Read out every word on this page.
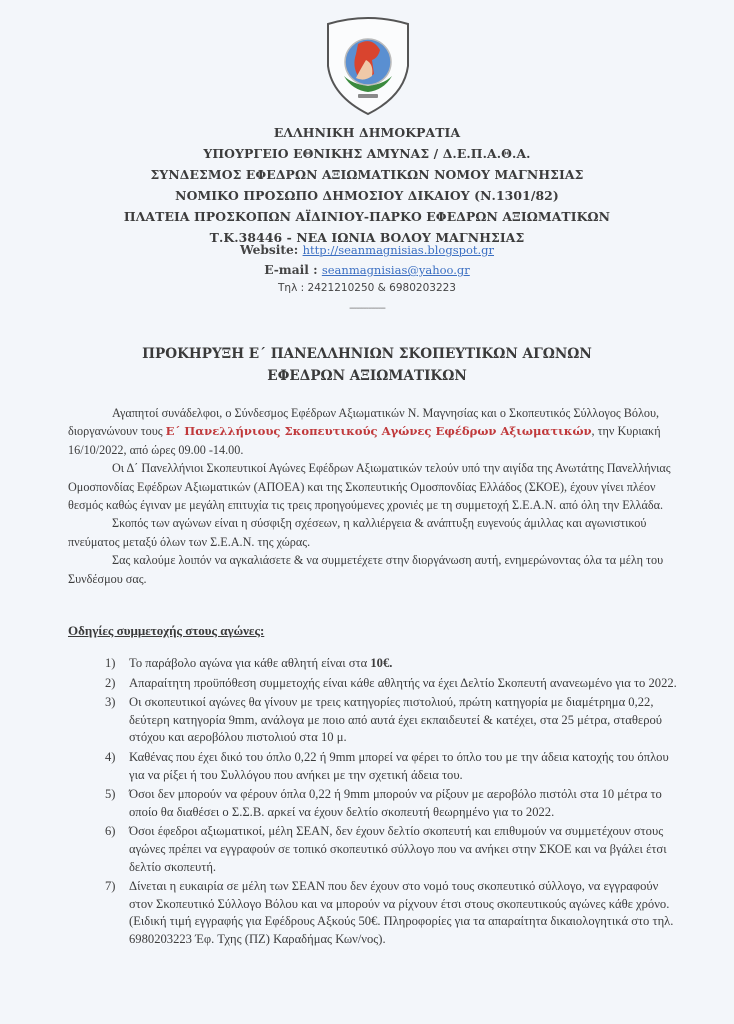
ΕΛΛΗΝΙΚΗ ΔΗΜΟΚΡΑΤΙΑ
ΥΠΟΥΡΓΕΙΟ ΕΘΝΙΚΗΣ ΑΜΥΝΑΣ / Δ.Ε.Π.Α.Θ.Α.
ΣΥΝΔΕΣΜΟΣ ΕΦΕΔΡΩΝ ΑΞΙΩΜΑΤΙΚΩΝ ΝΟΜΟΥ ΜΑΓΝΗΣΙΑΣ
ΝΟΜΙΚΟ ΠΡΟΣΩΠΟ ΔΗΜΟΣΙΟΥ ΔΙΚΑΙΟΥ (Ν.1301/82)
ΠΛΑΤΕΙΑ ΠΡΟΣΚΟΠΩΝ ΑΪΔΙΝΙΟΥ-ΠΑΡΚΟ ΕΦΕΔΡΩΝ ΑΞΙΩΜΑΤΙΚΩΝ
Τ.Κ.38446 - ΝΕΑ ΙΩΝΙΑ ΒΟΛΟΥ ΜΑΓΝΗΣΙΑΣ
Website: http://seanmagnisias.blogspot.gr
E-mail : seanmagnisias@yahoo.gr
Τηλ : 2421210250 & 6980203223
---------------
ΠΡΟΚΗΡΥΞΗ Ε΄ ΠΑΝΕΛΛΗΝΙΩΝ ΣΚΟΠΕΥΤΙΚΩΝ ΑΓΩΝΩΝ
ΕΦΕΔΡΩΝ ΑΞΙΩΜΑΤΙΚΩΝ

Αγαπητοί συνάδελφοι, ο Σύνδεσμος Εφέδρων Αξιωματικών Ν. Μαγνησίας και ο Σκοπευτικός Σύλλογος Βόλου, διοργανώνουν τους Ε΄ Πανελλήνιους Σκοπευτικούς Αγώνες Εφέδρων Αξιωματικών, την Κυριακή 16/10/2022, από ώρες 09.00 -14.00.

Οι Δ΄ Πανελλήνιοι Σκοπευτικοί Αγώνες Εφέδρων Αξιωματικών τελούν υπό την αιγίδα της Ανωτάτης Πανελλήνιας Ομοσπονδίας Εφέδρων Αξιωματικών (ΑΠΟΕΑ) και της Σκοπευτικής Ομοσπονδίας Ελλάδος (ΣΚΟΕ), έχουν γίνει πλέον θεσμός καθώς έγιναν με μεγάλη επιτυχία τις τρεις προηγούμενες χρονιές με τη συμμετοχή Σ.Ε.Α.Ν. από όλη την Ελλάδα.

Σκοπός των αγώνων είναι η σύσφιξη σχέσεων, η καλλιέργεια & ανάπτυξη ευγενούς άμιλλας και αγωνιστικού πνεύματος μεταξύ όλων των Σ.Ε.Α.Ν. της χώρας.

Σας καλούμε λοιπόν να αγκαλιάσετε & να συμμετέχετε στην διοργάνωση αυτή, ενημερώνοντας όλα τα μέλη του Συνδέσμου σας.

Οδηγίες συμμετοχής στους αγώνες:
1) Το παράβολο αγώνα για κάθε αθλητή είναι στα 10€.
2) Απαραίτητη προϋπόθεση συμμετοχής είναι κάθε αθλητής να έχει Δελτίο Σκοπευτή ανανεωμένο για το 2022.
3) Οι σκοπευτικοί αγώνες θα γίνουν με τρεις κατηγορίες πιστολιού, πρώτη κατηγορία με διαμέτρημα 0,22, δεύτερη κατηγορία 9mm, ανάλογα με ποιο από αυτά έχει εκπαιδευτεί & κατέχει, στα 25 μέτρα, σταθερού στόχου και αεροβόλου πιστολιού στα 10 μ.
4) Καθένας που έχει δικό του όπλο 0,22 ή 9mm μπορεί να φέρει το όπλο του με την άδεια κατοχής του όπλου για να ρίξει ή του Συλλόγου που ανήκει με την σχετική άδεια του.
5) Όσοι δεν μπορούν να φέρουν όπλα 0,22 ή 9mm μπορούν να ρίξουν με αεροβόλο πιστόλι στα 10 μέτρα το οποίο θα διαθέσει ο Σ.Σ.Β. αρκεί να έχουν δελτίο σκοπευτή θεωρημένο για το 2022.
6) Όσοι έφεδροι αξιωματικοί, μέλη ΣΕΑΝ, δεν έχουν δελτίο σκοπευτή και επιθυμούν να συμμετέχουν στους αγώνες πρέπει να εγγραφούν σε τοπικό σκοπευτικό σύλλογο που να ανήκει στην ΣΚΟΕ και να βγάλει έτσι δελτίο σκοπευτή.
7) Δίνεται η ευκαιρία σε μέλη των ΣΕΑΝ που δεν έχουν στο νομό τους σκοπευτικό σύλλογο, να εγγραφούν στον Σκοπευτικό Σύλλογο Βόλου και να μπορούν να ρίχνουν έτσι στους σκοπευτικούς αγώνες κάθε χρόνο. (Ειδική τιμή εγγραφής για Εφέδρους Αξκούς 50€. Πληροφορίες για τα απαραίτητα δικαιολογητικά στο τηλ. 6980203223 Έφ. Τχης (ΠΖ) Καραδήμας Κων/νος).
